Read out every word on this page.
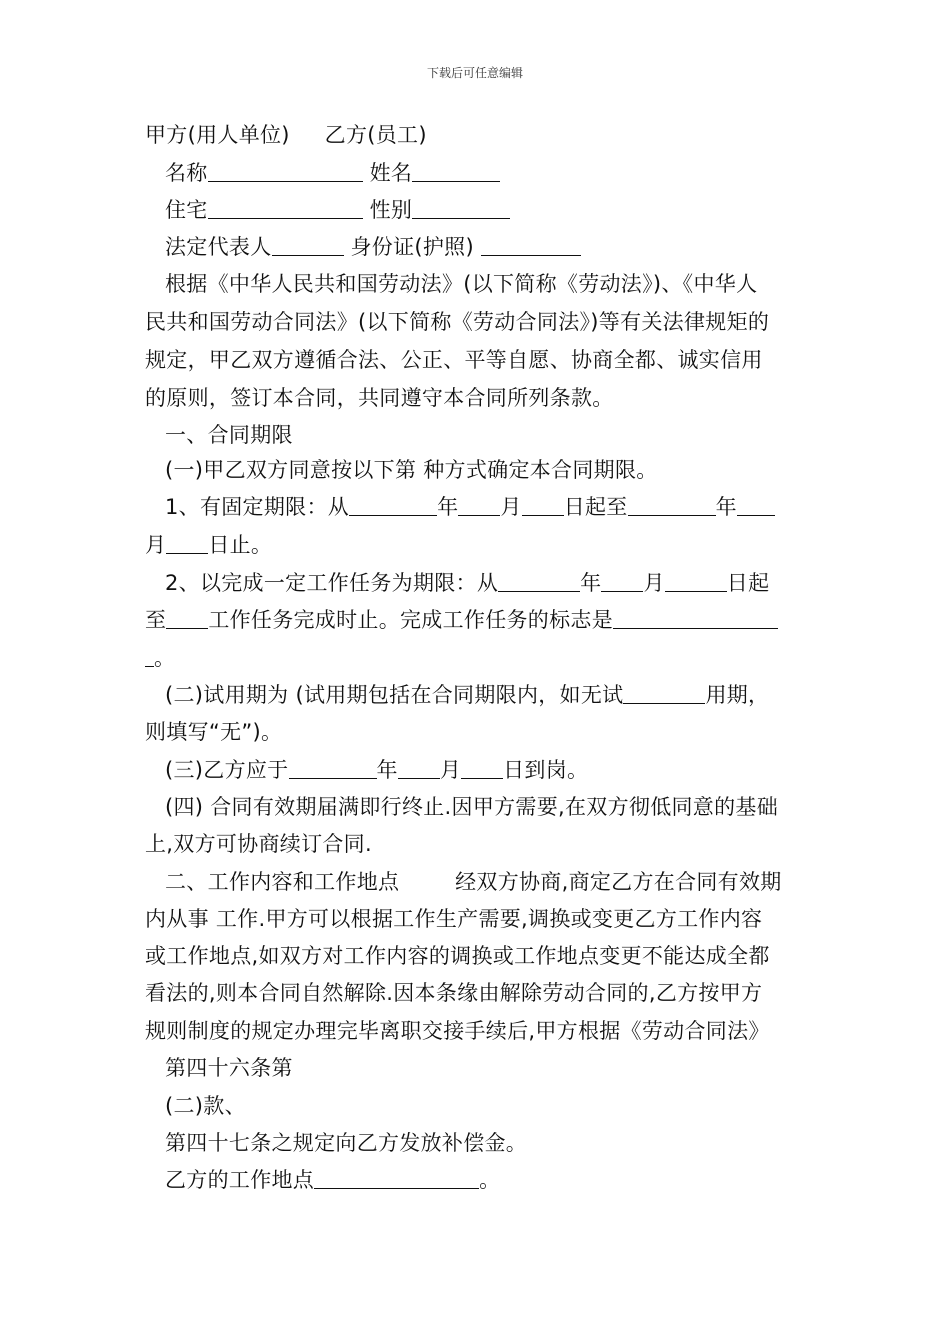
下载后可任意编辑
甲方(用人单位)     乙方(员工)
名称	姓名
住宅	性别
法定代表人	身份证(护照)
根据《中华人民共和国劳动法》(以下简称《劳动法》)、《中华人
民共和国劳动合同法》(以下简称《劳动合同法》)等有关法律规矩的
规定，甲乙双方遵循合法、公正、平等自愿、协商全都、诚实信用
的原则，签订本合同，共同遵守本合同所列条款。
一、合同期限
(一)甲乙双方同意按以下第 种方式确定本合同期限。
1、有固定期限：从	年 月 日起至	年
月 日止。
2、以完成一定工作任务为期限：从	年 月	日起
至 工作任务完成时止。完成工作任务的标志是
。
(二)试用期为 (试用期包括在合同期限内，如无试	用期，
则填写“无”)。
(三)乙方应于	年 月 日到岗。
(四) 合同有效期届满即行终止.因甲方需要,在双方彻低同意的基础
上,双方可协商续订合同.
二、工作内容和工作地点        经双方协商,商定乙方在合同有效期
内从事 工作.甲方可以根据工作生产需要,调换或变更乙方工作内容
或工作地点,如双方对工作内容的调换或工作地点变更不能达成全都
看法的,则本合同自然解除.因本条缘由解除劳动合同的,乙方按甲方
规则制度的规定办理完毕离职交接手续后,甲方根据《劳动合同法》
第四十六条第
(二)款、
第四十七条之规定向乙方发放补偿金。
乙方的工作地点	。
